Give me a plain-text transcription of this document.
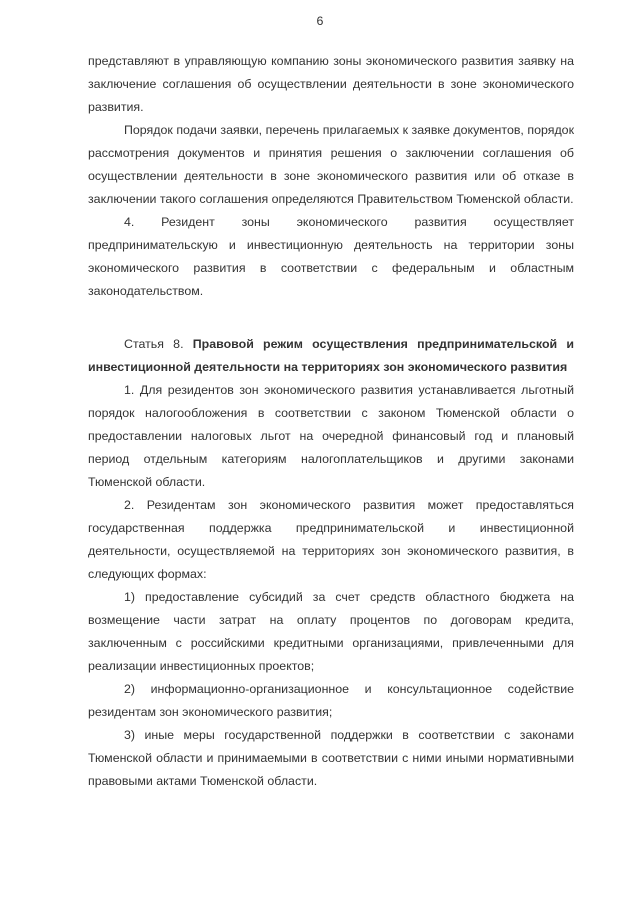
6

представляют в управляющую компанию зоны экономического развития заявку на заключение соглашения об осуществлении деятельности в зоне экономического развития.

Порядок подачи заявки, перечень прилагаемых к заявке документов, порядок рассмотрения документов и принятия решения о заключении соглашения об осуществлении деятельности в зоне экономического развития или об отказе в заключении такого соглашения определяются Правительством Тюменской области.

4. Резидент зоны экономического развития осуществляет предпринимательскую и инвестиционную деятельность на территории зоны экономического развития в соответствии с федеральным и областным законодательством.

Статья 8. Правовой режим осуществления предпринимательской и инвестиционной деятельности на территориях зон экономического развития

1. Для резидентов зон экономического развития устанавливается льготный порядок налогообложения в соответствии с законом Тюменской области о предоставлении налоговых льгот на очередной финансовый год и плановый период отдельным категориям налогоплательщиков и другими законами Тюменской области.

2. Резидентам зон экономического развития может предоставляться государственная поддержка предпринимательской и инвестиционной деятельности, осуществляемой на территориях зон экономического развития, в следующих формах:

1) предоставление субсидий за счет средств областного бюджета на возмещение части затрат на оплату процентов по договорам кредита, заключенным с российскими кредитными организациями, привлеченными для реализации инвестиционных проектов;

2) информационно-организационное и консультационное содействие резидентам зон экономического развития;

3) иные меры государственной поддержки в соответствии с законами Тюменской области и принимаемыми в соответствии с ними иными нормативными правовыми актами Тюменской области.
